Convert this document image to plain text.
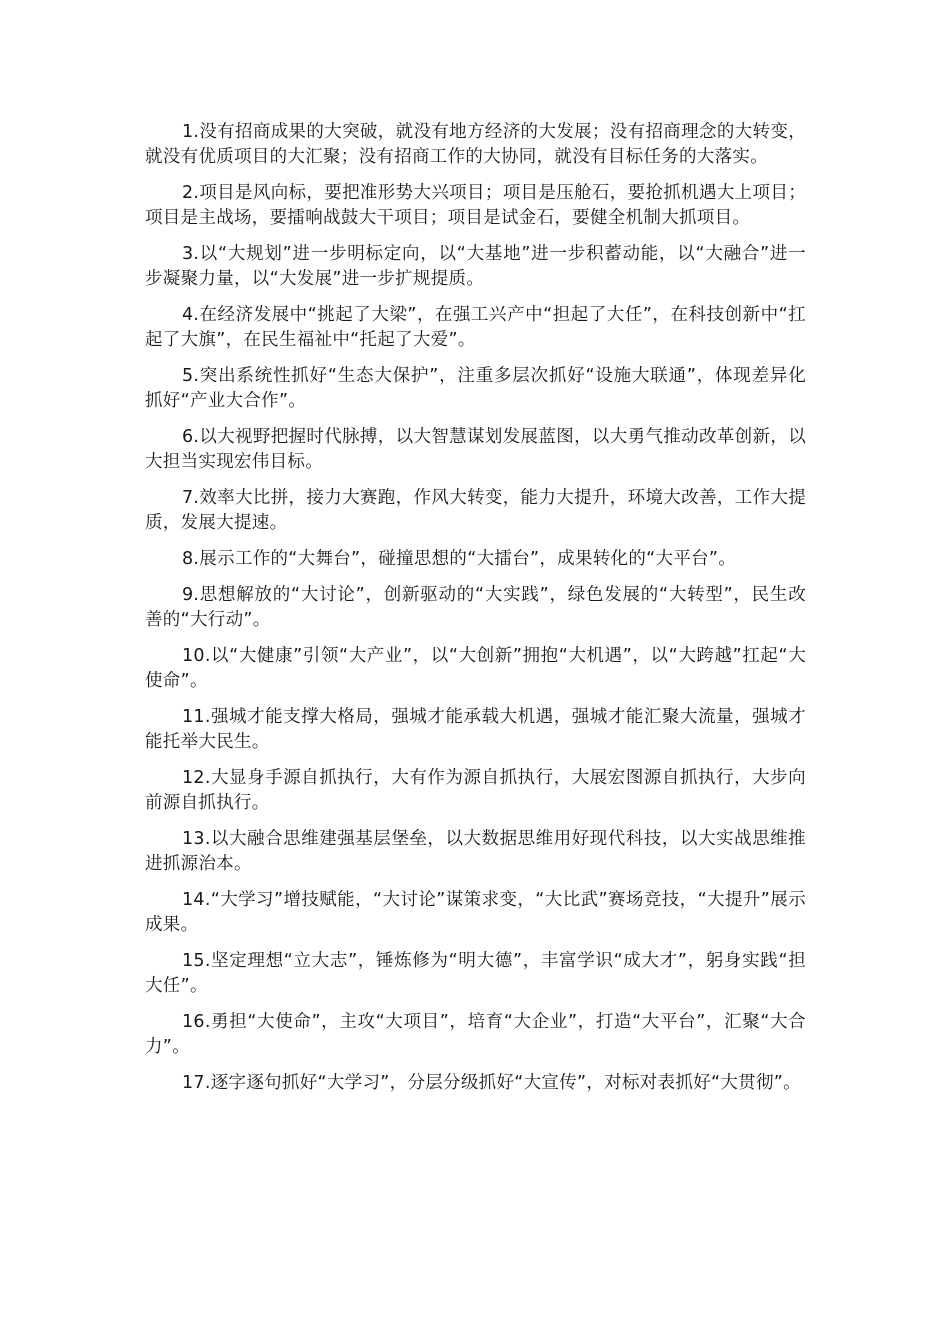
1.没有招商成果的大突破，就没有地方经济的大发展；没有招商理念的大转变，就没有优质项目的大汇聚；没有招商工作的大协同，就没有目标任务的大落实。

2.项目是风向标，要把准形势大兴项目；项目是压舱石，要抢抓机遇大上项目；项目是主战场，要擂响战鼓大干项目；项目是试金石，要健全机制大抓项目。

3.以“大规划”进一步明标定向，以“大基地”进一步积蓄动能，以“大融合”进一步凝聚力量，以“大发展”进一步扩规提质。

4.在经济发展中“挑起了大梁”，在强工兴产中“担起了大任”，在科技创新中“扛起了大旗”，在民生福祉中“托起了大爱”。

5.突出系统性抓好“生态大保护”，注重多层次抓好“设施大联通”，体现差异化抓好“产业大合作”。

6.以大视野把握时代脉搏，以大智慧谋划发展蓝图，以大勇气推动改革创新，以大担当实现宏伟目标。

7.效率大比拼，接力大赛跑，作风大转变，能力大提升，环境大改善，工作大提质，发展大提速。

8.展示工作的“大舞台”，碰撞思想的“大擂台”，成果转化的“大平台”。

9.思想解放的“大讨论”，创新驱动的“大实践”，绿色发展的“大转型”，民生改善的“大行动”。

10.以“大健康”引领“大产业”，以“大创新”拥抱“大机遇”，以“大跨越”扛起“大使命”。

11.强城才能支撑大格局，强城才能承载大机遇，强城才能汇聚大流量，强城才能托举大民生。

12.大显身手源自抓执行，大有作为源自抓执行，大展宏图源自抓执行，大步向前源自抓执行。

13.以大融合思维建强基层堡垒，以大数据思维用好现代科技，以大实战思维推进抓源治本。

14.“大学习”增技赋能，“大讨论”谋策求变，“大比武”赛场竞技，“大提升”展示成果。

15.坚定理想“立大志”，锤炼修为“明大德”，丰富学识“成大才”，躬身实践“担大任”。

16.勇担“大使命”，主攻“大项目”，培育“大企业”，打造“大平台”，汇聚“大合力”。

17.逐字逐句抓好“大学习”，分层分级抓好“大宣传”，对标对表抓好“大贯彻”。
